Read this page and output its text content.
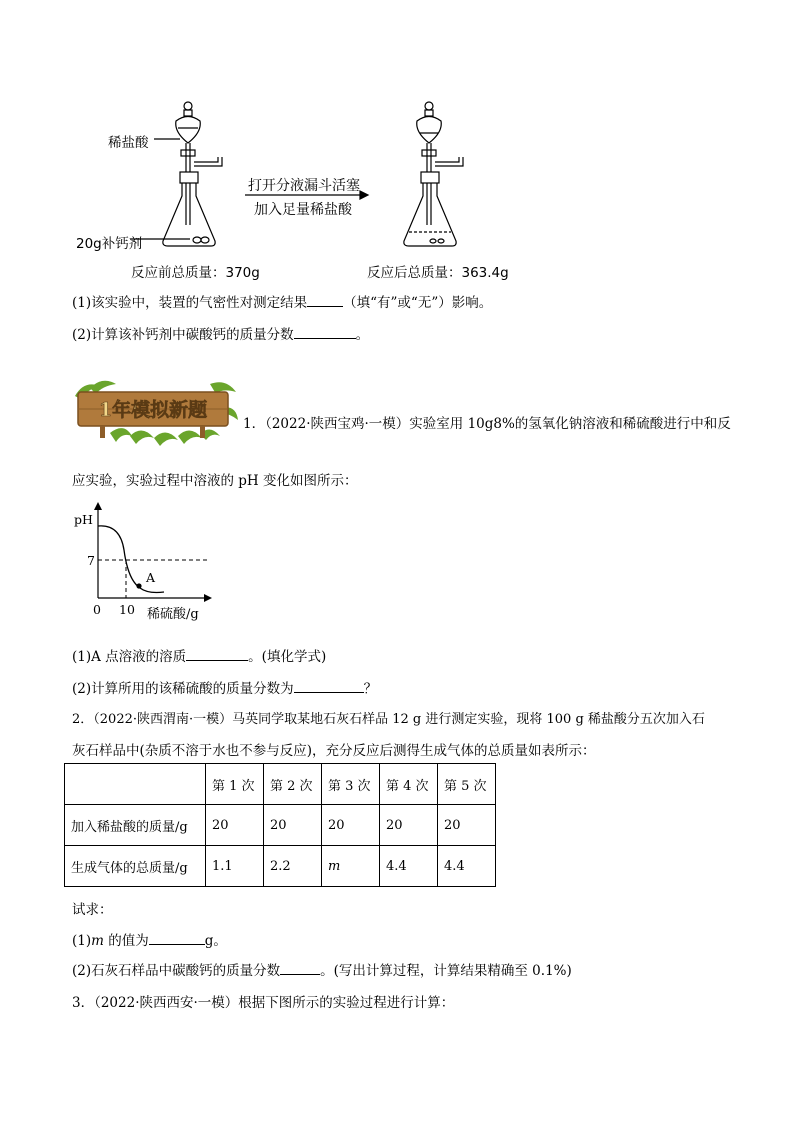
稀盐酸
20g补钙剂
打开分液漏斗活塞
加入足量稀盐酸
反应前总质量：370g	反应后总质量：363.4g
(1)该实验中，装置的气密性对测定结果	（填“有”或“无”）影响。
(2)计算该补钙剂中碳酸钙的质量分数	。
1年模拟新题
1．（2022·陕西宝鸡·一模）实验室用 10g8%的氢氧化钠溶液和稀硫酸进行中和反
应实验，实验过程中溶液的 pH 变化如图所示：
pH
7
A
0 10 稀硫酸/g
(1)A 点溶液的溶质	。(填化学式)
(2)计算所用的该稀硫酸的质量分数为	？
2．（2022·陕西渭南·一模）马英同学取某地石灰石样品 12 g 进行测定实验，现将 100 g 稀盐酸分五次加入石
灰石样品中(杂质不溶于水也不参与反应)，充分反应后测得生成气体的总质量如表所示：
	第 1 次	第 2 次	第 3 次	第 4 次	第 5 次
加入稀盐酸的质量/g	20	20	20	20	20
生成气体的总质量/g	1.1	2.2	m	4.4	4.4
试求：
(1)m 的值为	g。
(2)石灰石样品中碳酸钙的质量分数	。(写出计算过程，计算结果精确至 0.1%)
3．（2022·陕西西安·一模）根据下图所示的实验过程进行计算：
